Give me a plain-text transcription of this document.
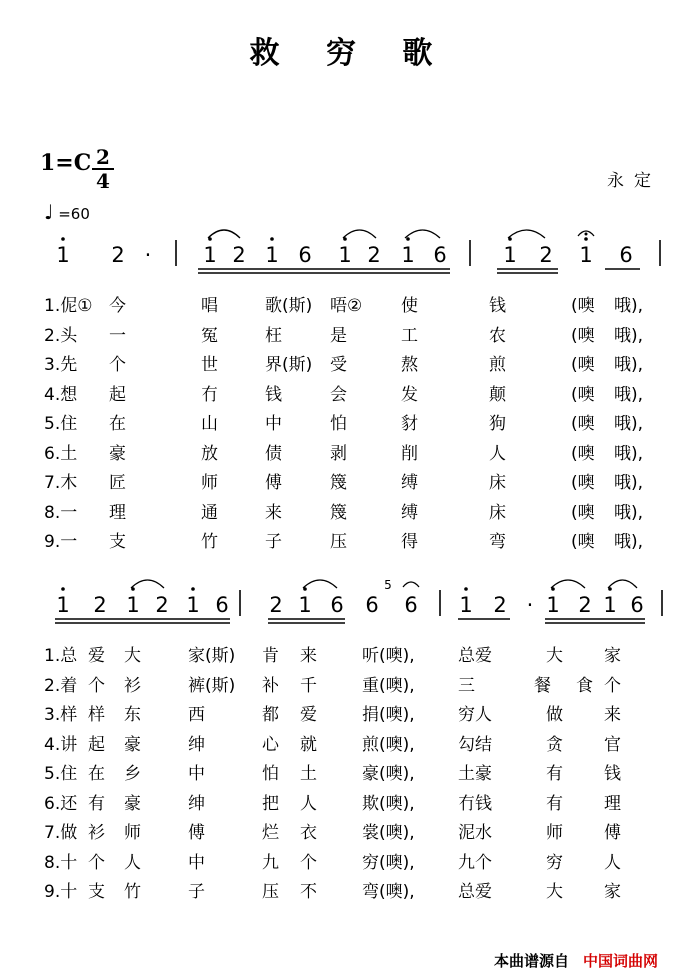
救 穷 歌
$1=C \frac{2}{4}$	永定
♩ =60
1 2 · 1 2 1 6 1 2 1 6	1 2 1 6
1 2 1 2 1 6 2 1 6 6
5
6 1 2 · 1 2 1 6
1.伲① 今	唱	歌(斯) 唔② 使	钱	(噢 哦),
2.头 一	冤	枉	是	工	农	(噢 哦),
3.先 个	世	界(斯) 受	熬	煎	(噢 哦),
4.想 起	冇	钱	会	发	颠	(噢 哦),
5.住 在	山	中	怕	豺	狗	(噢 哦),
6.土 豪	放	债	剥	削	人	(噢 哦),
7.木 匠	师	傅	篾	缚	床	(噢 哦),
8.一 理	通	来	篾	缚	床	(噢 哦),
9.一 支	竹	子	压	得	弯	(噢 哦),
1.总 爱 大	家(斯) 肯 来	听(噢),	总爱	大 家
2.着 个 衫	裤(斯) 补 千	重(噢),	三	餐 食 个
3.样 样 东	西	都 爱	捐(噢),	穷人	做 来
4.讲 起 豪	绅	心 就	煎(噢),	勾结	贪 官
5.住 在 乡	中	怕 土	豪(噢),	土豪	有 钱
6.还 有 豪	绅	把 人	欺(噢),	冇钱	有 理
7.做 衫 师	傅	烂 衣	裳(噢),	泥水	师 傅
8.十 个 人	中	九 个	穷(噢),	九个	穷 人
9.十 支 竹	子	压 不	弯(噢),	总爱	大 家
本曲谱源自 中国词曲网
